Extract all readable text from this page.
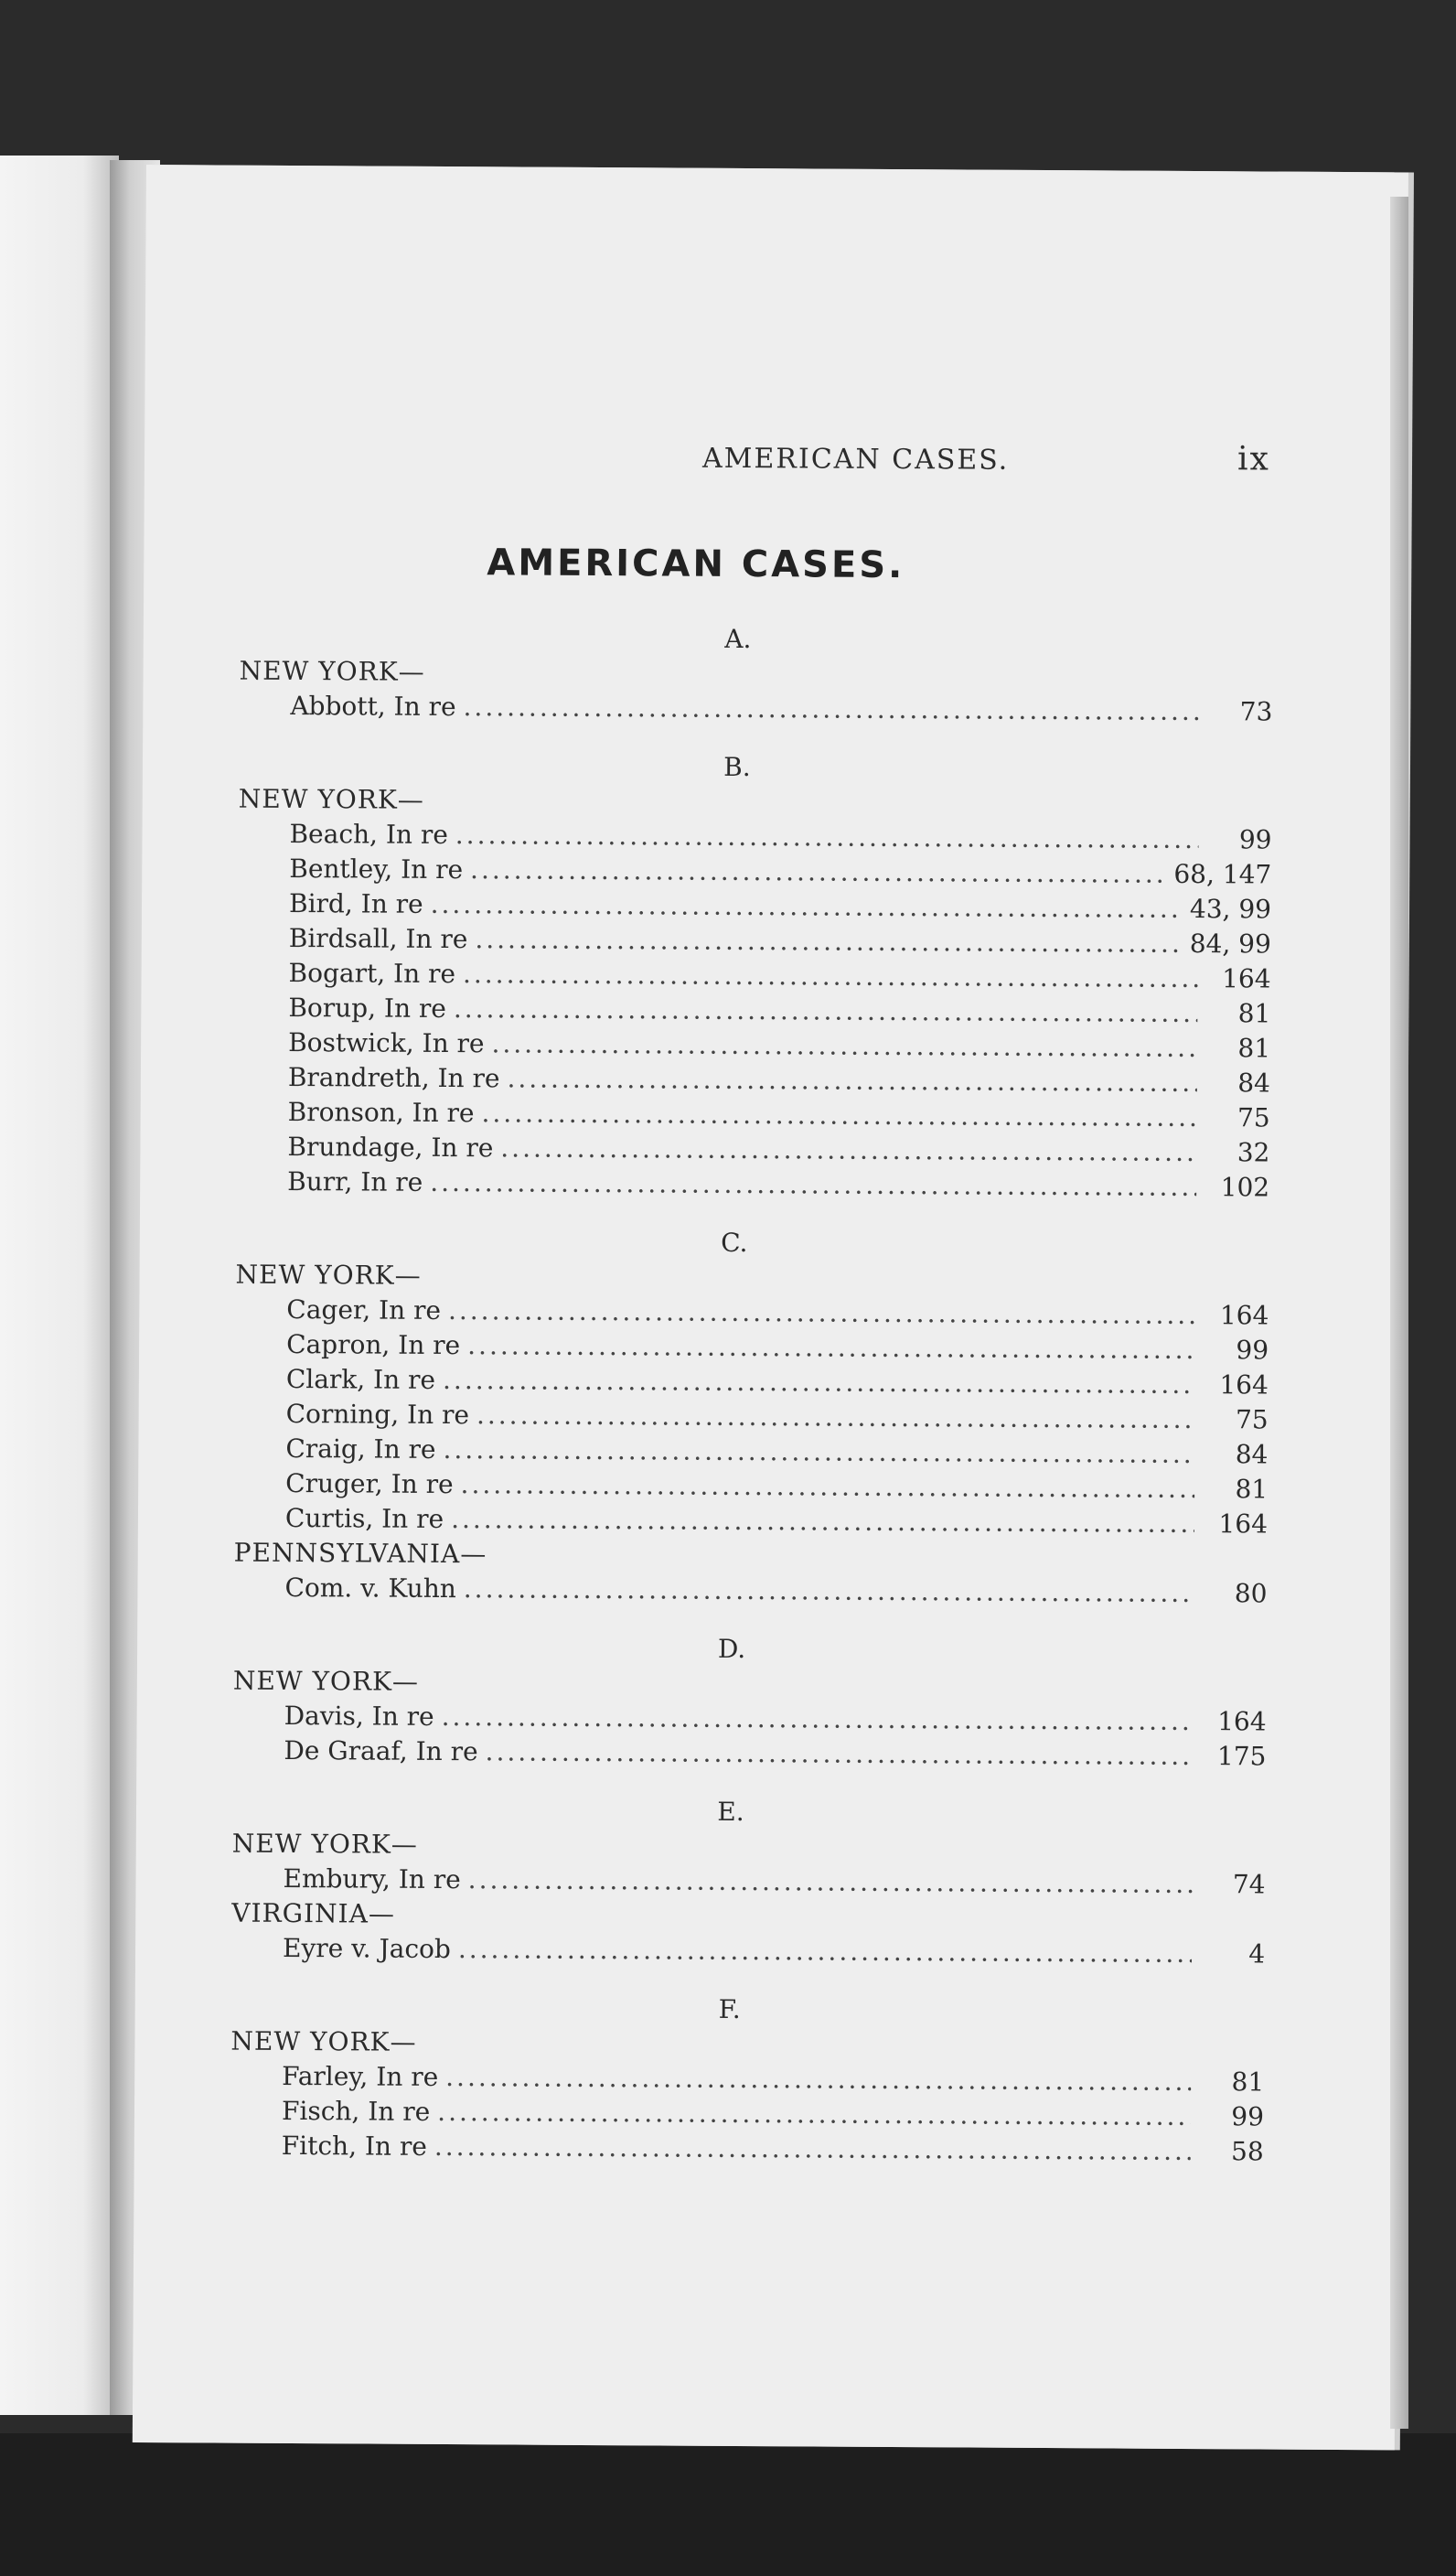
AMERICAN CASES.	ix
AMERICAN CASES.
A.
NEW YORK—
Abbott, In re .....	73
B.
NEW YORK—
Beach, In re .....	99
Bentley, In re .....	68, 147
Bird, In re .....	43, 99
Birdsall, In re .....	84, 99
Bogart, In re .....	164
Borup, In re .....	81
Bostwick, In re .....	81
Brandreth, In re .....	84
Bronson, In re .....	75
Brundage, In re .....	32
Burr, In re .....	102
C.
NEW YORK—
Cager, In re .....	164
Capron, In re .....	99
Clark, In re .....	164
Corning, In re .....	75
Craig, In re .....	84
Cruger, In re .....	81
Curtis, In re .....	164
PENNSYLVANIA—
Com. v. Kuhn .....	80
D.
NEW YORK—
Davis, In re .....	164
De Graaf, In re .....	175
E.
NEW YORK—
Embury, In re .....	74
VIRGINIA—
Eyre v. Jacob .....	4
F.
NEW YORK—
Farley, In re .....	81
Fisch, In re .....	99
Fitch, In re .....	58
